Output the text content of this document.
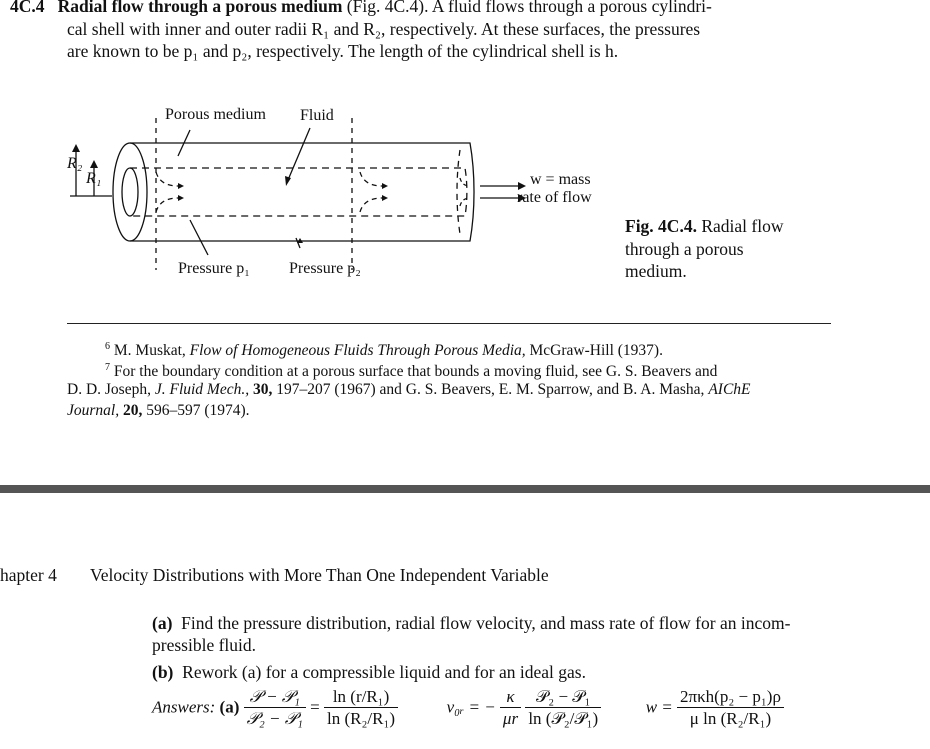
4C.4 Radial flow through a porous medium (Fig. 4C.4). A fluid flows through a porous cylindri-
cal shell with inner and outer radii R₁ and R₂, respectively. At these surfaces, the pressures
are known to be p₁ and p₂, respectively. The length of the cylindrical shell is h.
Porous medium Fluid
R₂
R₁	w = mass
rate of flow
Pressure p₁ Pressure p₂
Fig. 4C.4. Radial flow
through a porous
medium.
$^6$ M. Muskat, Flow of Homogeneous Fluids Through Porous Media, McGraw-Hill (1937).
$^7$ For the boundary condition at a porous surface that bounds a moving fluid, see G. S. Beavers and
D. D. Joseph, J. Fluid Mech., 30, 197–207 (1967) and G. S. Beavers, E. M. Sparrow, and B. A. Masha, AIChE
Journal, 20, 596–597 (1974).
hapter 4 Velocity Distributions with More Than One Independent Variable
(a) Find the pressure distribution, radial flow velocity, and mass rate of flow for an incom-
pressible fluid.
(b) Rework (a) for a compressible liquid and for an ideal gas.
Answers: $(a) \frac{\text{𝒫 − 𝒫₁}}{\text{𝒫₂ − 𝒫₁}} = \frac{\text{ln (r/R₁)}}{\text{ln (R₂/R₁)}}$	v₀ᵣ = − $\frac{\kappa}{\mu r}$
$\frac{\text{𝒫₂ − 𝒫₁}}{\text{ln (𝒫₂/𝒫₁)}}$	$w = \frac{\text{2πκh(p₂ − p₁)ρ}}{\text{μ ln (R₂/R₁)}}$
